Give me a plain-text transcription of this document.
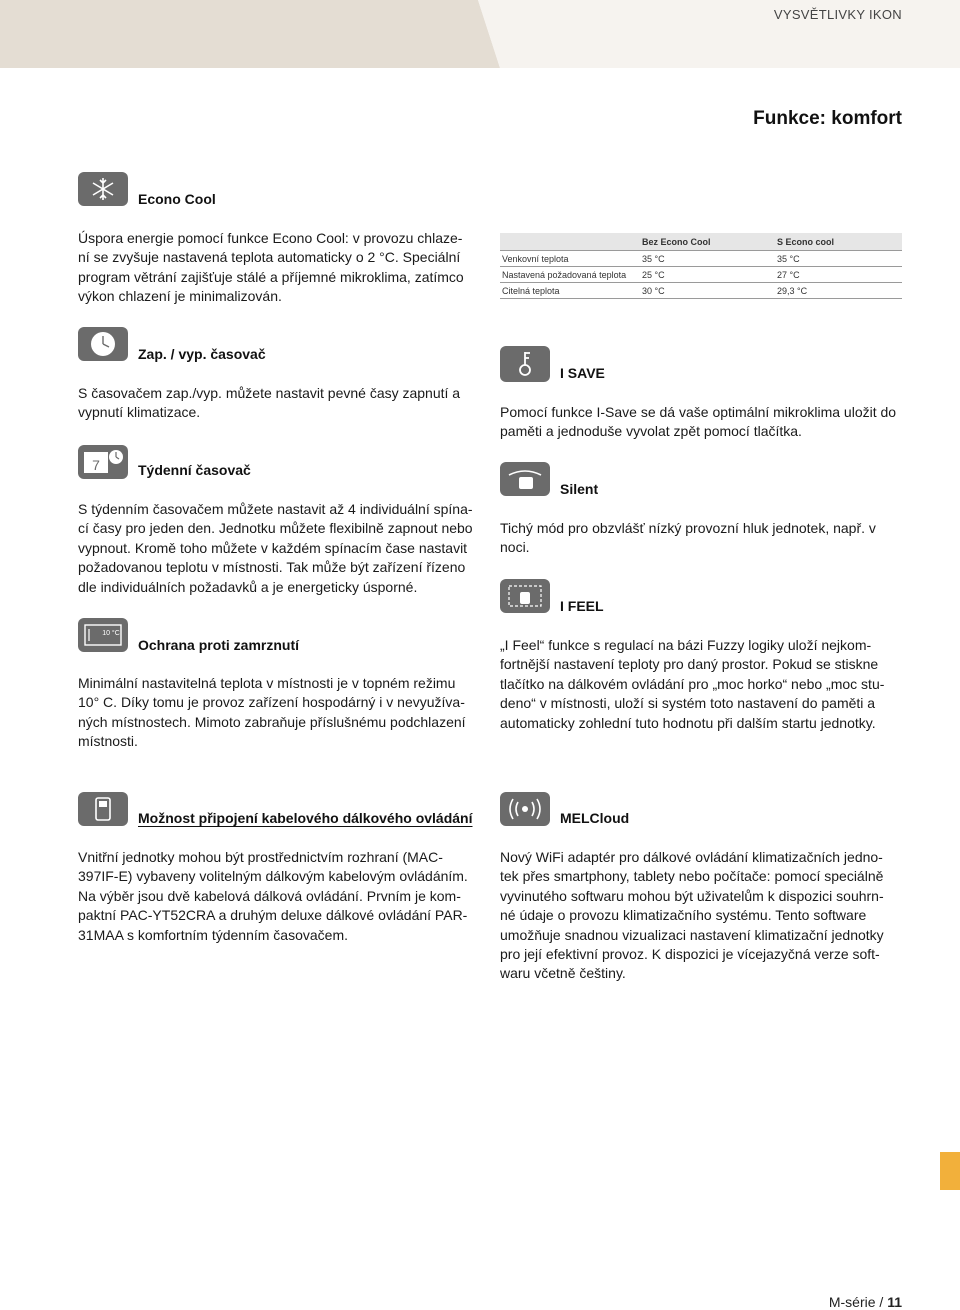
VYSVĚTLIVKY IKON
Funkce: komfort
Econo Cool
Úspora energie pomocí funkce Econo Cool: v provozu chlaze-
ní se zvyšuje nastavená teplota automaticky o 2 °C. Speciální
program větrání zajišťuje stálé a příjemné mikroklima, zatímco
výkon chlazení je minimalizován.
	Bez Econo Cool	S Econo cool
Venkovní teplota	35 °C	35 °C
Nastavená požadovaná teplota	25 °C	27 °C
Citelná teplota	30 °C	29,3 °C
Zap. / vyp. časovač
S časovačem zap./vyp. můžete nastavit pevné časy zapnutí a
vypnutí klimatizace.
7	Týdenní časovač
S týdenním časovačem můžete nastavit až 4 individuální spína-
cí časy pro jeden den. Jednotku můžete flexibilně zapnout nebo
vypnout. Kromě toho můžete v každém spínacím čase nastavit
požadovanou teplotu v místnosti. Tak může být zařízení řízeno
dle individuálních požadavků a je energeticky úsporné.
10 °C
Ochrana proti zamrznutí
Minimální nastavitelná teplota v místnosti je v topném režimu
10° C. Díky tomu je provoz zařízení hospodárný i v nevyužíva-
ných místnostech. Mimoto zabraňuje příslušnému podchlazení
místnosti.
I SAVE
Pomocí funkce I-Save se dá vaše optimální mikroklima uložit do
paměti a jednoduše vyvolat zpět pomocí tlačítka.
Silent
Tichý mód pro obzvlášť nízký provozní hluk jednotek, např. v
noci.
I FEEL
„I Feel“ funkce s regulací na bázi Fuzzy logiky uloží nejkom-
fortnější nastavení teploty pro daný prostor. Pokud se stiskne
tlačítko na dálkovém ovládání pro „moc horko“ nebo „moc stu-
deno“ v místnosti, uloží si systém toto nastavení do paměti a
automaticky zohlední tuto hodnotu při dalším startu jednotky.
Možnost připojení kabelového dálkového ovládání
Vnitřní jednotky mohou být prostřednictvím rozhraní (MAC-
397IF-E) vybaveny volitelným dálkovým kabelovým ovládáním.
Na výběr jsou dvě kabelová dálková ovládání. Prvním je kom-
paktní PAC-YT52CRA a druhým deluxe dálkové ovládání PAR-
31MAA s komfortním týdenním časovačem.
MELCloud
Nový WiFi adaptér pro dálkové ovládání klimatizačních jedno-
tek přes smartphony, tablety nebo počítače: pomocí speciálně
vyvinutého softwaru mohou být uživatelům k dispozici souhrn-
né údaje o provozu klimatizačního systému. Tento software
umožňuje snadnou vizualizaci nastavení klimatizační jednotky
pro její efektivní provoz. K dispozici je vícejazyčná verze soft-
waru včetně češtiny.
M-série / 11
